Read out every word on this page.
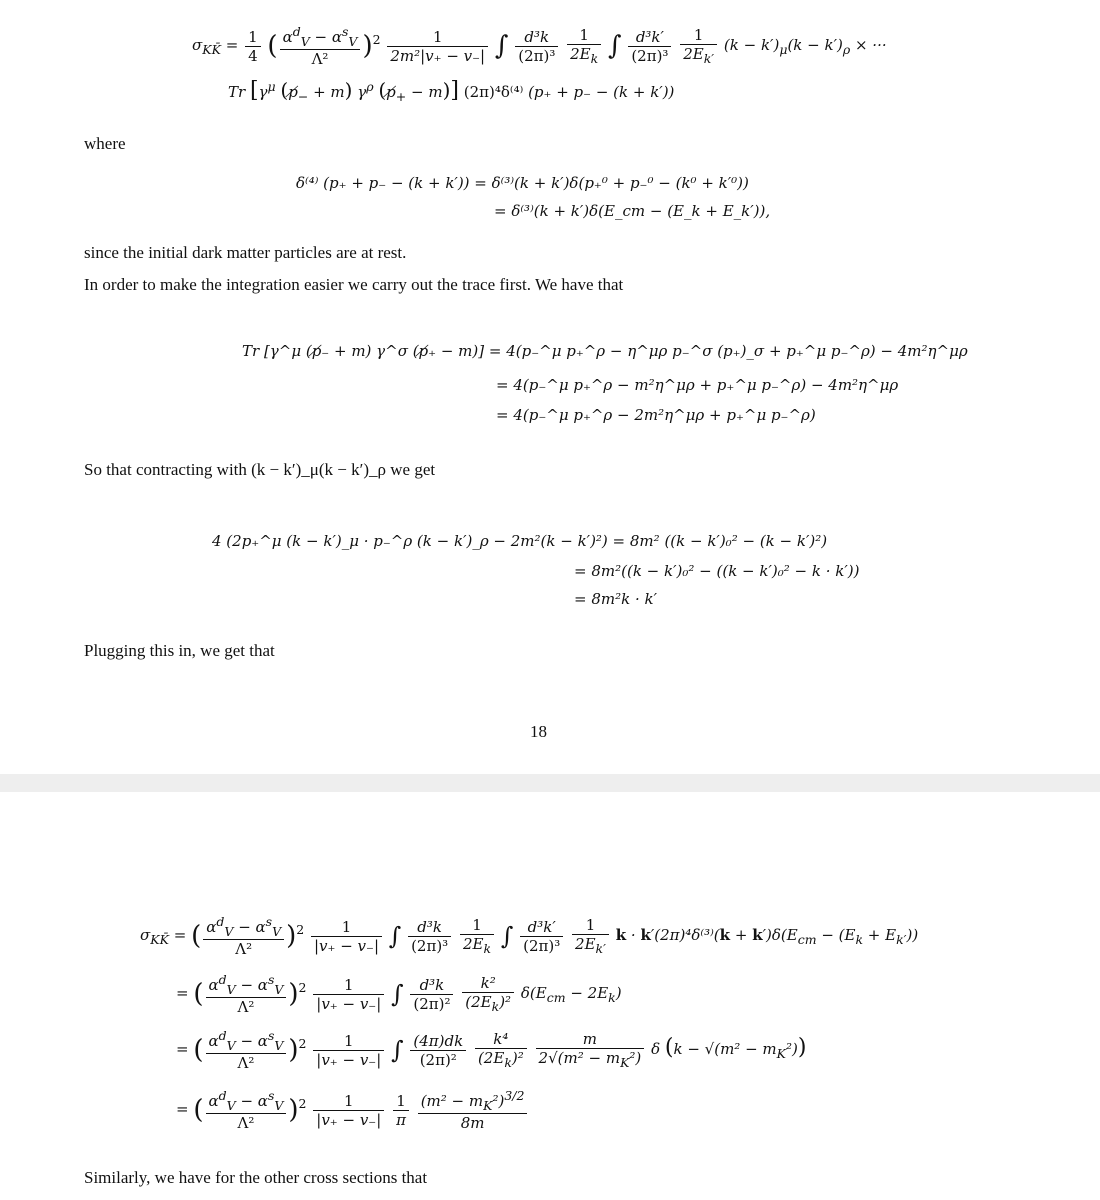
$\sigma_{KK̄} = \frac{1}{4}$ ( $\frac{\alpha^d_V - \alpha^s_V}{\text{Λ²}} )^2 \frac{1}{\text{2m²|v₊ − v₋|}}$ ∫ $\frac{\text{d³k}}{\text{(2π)³}}$
$\frac{1}{2E_k}$ ∫ $\frac{\text{d³k′}}{\text{(2π)³}}$
$\frac{1}{2E_{k'}} (k - k')_\mu(k - k')_\rho$ × ···
Tr [$\gamma^\mu$ $(p̸_- + m)$ $\gamma^\rho$ $(p̸_+ - m)$] (2π)⁴δ⁽⁴⁾ (p₊ + p₋ − (k + k′))
where
δ⁽⁴⁾ (p₊ + p₋ − (k + k′)) = δ⁽³⁾(k + k′)δ(p₊⁰ + p₋⁰ − (k⁰ + k′⁰))
= δ⁽³⁾(k + k′)δ(E_cm − (E_k + E_k′)),
since the initial dark matter particles are at rest.
In order to make the integration easier we carry out the trace first. We have that
Tr [γ^μ (p̸₋ + m) γ^σ (p̸₊ − m)] = 4(p₋^μ p₊^ρ − η^μρ p₋^σ (p₊)_σ + p₊^μ p₋^ρ) − 4m²η^μρ
= 4(p₋^μ p₊^ρ − m²η^μρ + p₊^μ p₋^ρ) − 4m²η^μρ
= 4(p₋^μ p₊^ρ − 2m²η^μρ + p₊^μ p₋^ρ)
So that contracting with (k − k′)_μ(k − k′)_ρ we get
4 (2p₊^μ (k − k′)_μ · p₋^ρ (k − k′)_ρ − 2m²(k − k′)²) = 8m² ((k − k′)₀² − (k − k′)²)
= 8m²((k − k′)₀² − ((k − k′)₀² − k · k′))
= 8m²k · k′
Plugging this in, we get that
18
$\sigma_{KK̄}$ = ( $\frac{\alpha^d_V - \alpha^s_V}{\text{Λ²}} )^2 \frac{1}{|v_+ - v_-|}$ ∫ $\frac{\text{d³k}}{\text{(2π)³}}$
$\frac{1}{2E_k}$ ∫ $\frac{\text{d³k′}}{\text{(2π)³}}$
$\frac{1}{2E_{k'}}$ $k \cdot k'(2\pi)^4\delta^{(3)}(k + k')\delta(E_{cm} - (E_k + E_{k'}))$
= ( $\frac{\alpha^d_V - \alpha^s_V}{\text{Λ²}} )^2 \frac{1}{|v_+ - v_-|}$ ∫ $\frac{\text{d³k}}{\text{(2π)²}}$
$\frac{\text{k²}}{(2E_k)^2} \delta(E_{cm} - 2E_k)$
= ( $\frac{\alpha^d_V - \alpha^s_V}{\text{Λ²}} )^2 \frac{1}{|v_+ - v_-|}$ ∫ $\frac{(4\pi)dk}{\text{(2π)²}}$
$\frac{\text{k⁴}}{(2E_k)^2}$
$\frac{m}{2√(m^2 - m_K^2)}$ δ $(k - √(m^2 - m_K^2))$
= ( $\frac{\alpha^d_V - \alpha^s_V}{\text{Λ²}} )^2 \frac{1}{|v_+ - v_-|}$
$\frac{1}{\pi}$
$\frac{(m^2 - m_K^2)^{3/2}}{8m}$
Similarly, we have for the other cross sections that
